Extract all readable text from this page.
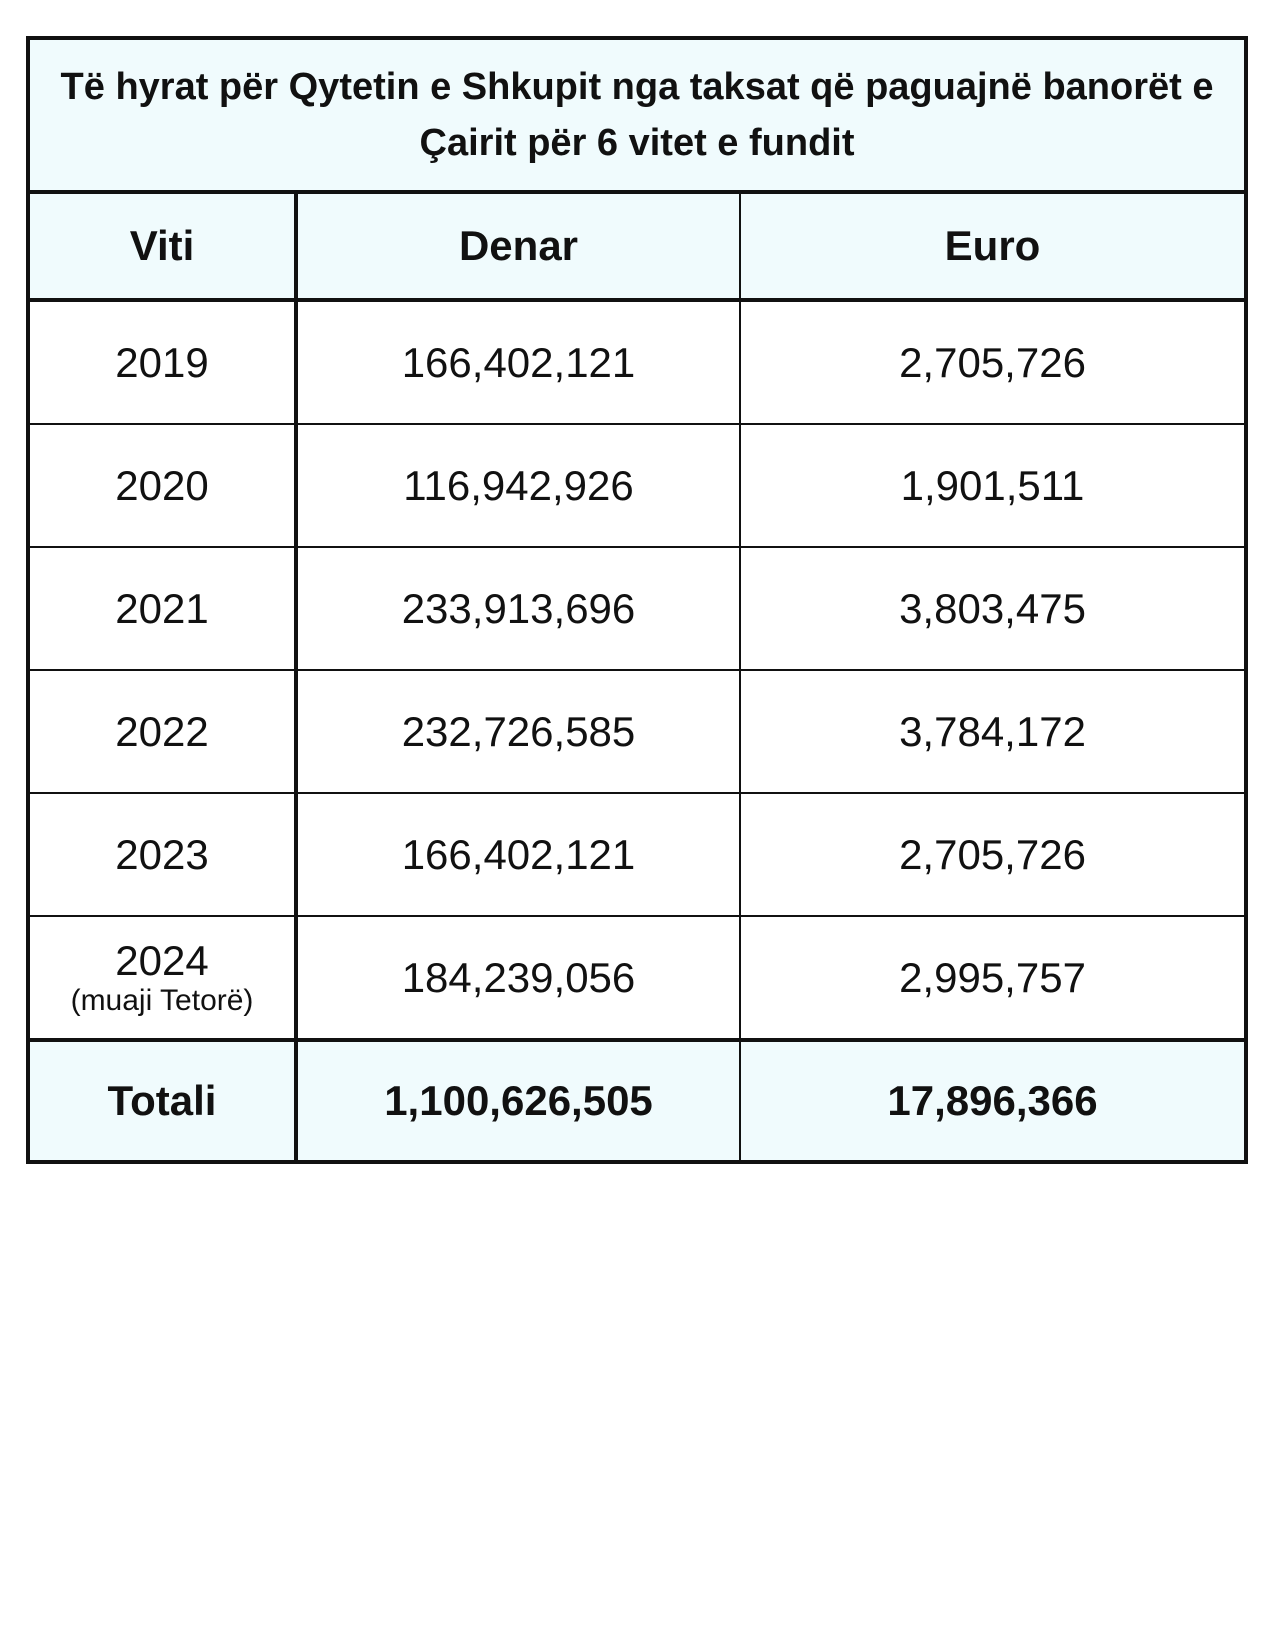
Të hyrat për Qytetin e Shkupit nga taksat që paguajnë banorët e Çairit për 6 vitet e fundit		
Viti	Denar	Euro

2019	166,402,121	2,705,726

2020	116,942,926	1,901,511

2021	233,913,696	3,803,475

2022	232,726,585	3,784,172

2023	166,402,121	2,705,726

2024
(muaji Tetorë)	184,239,056	2,995,757
Totali	1,100,626,505	17,896,366
